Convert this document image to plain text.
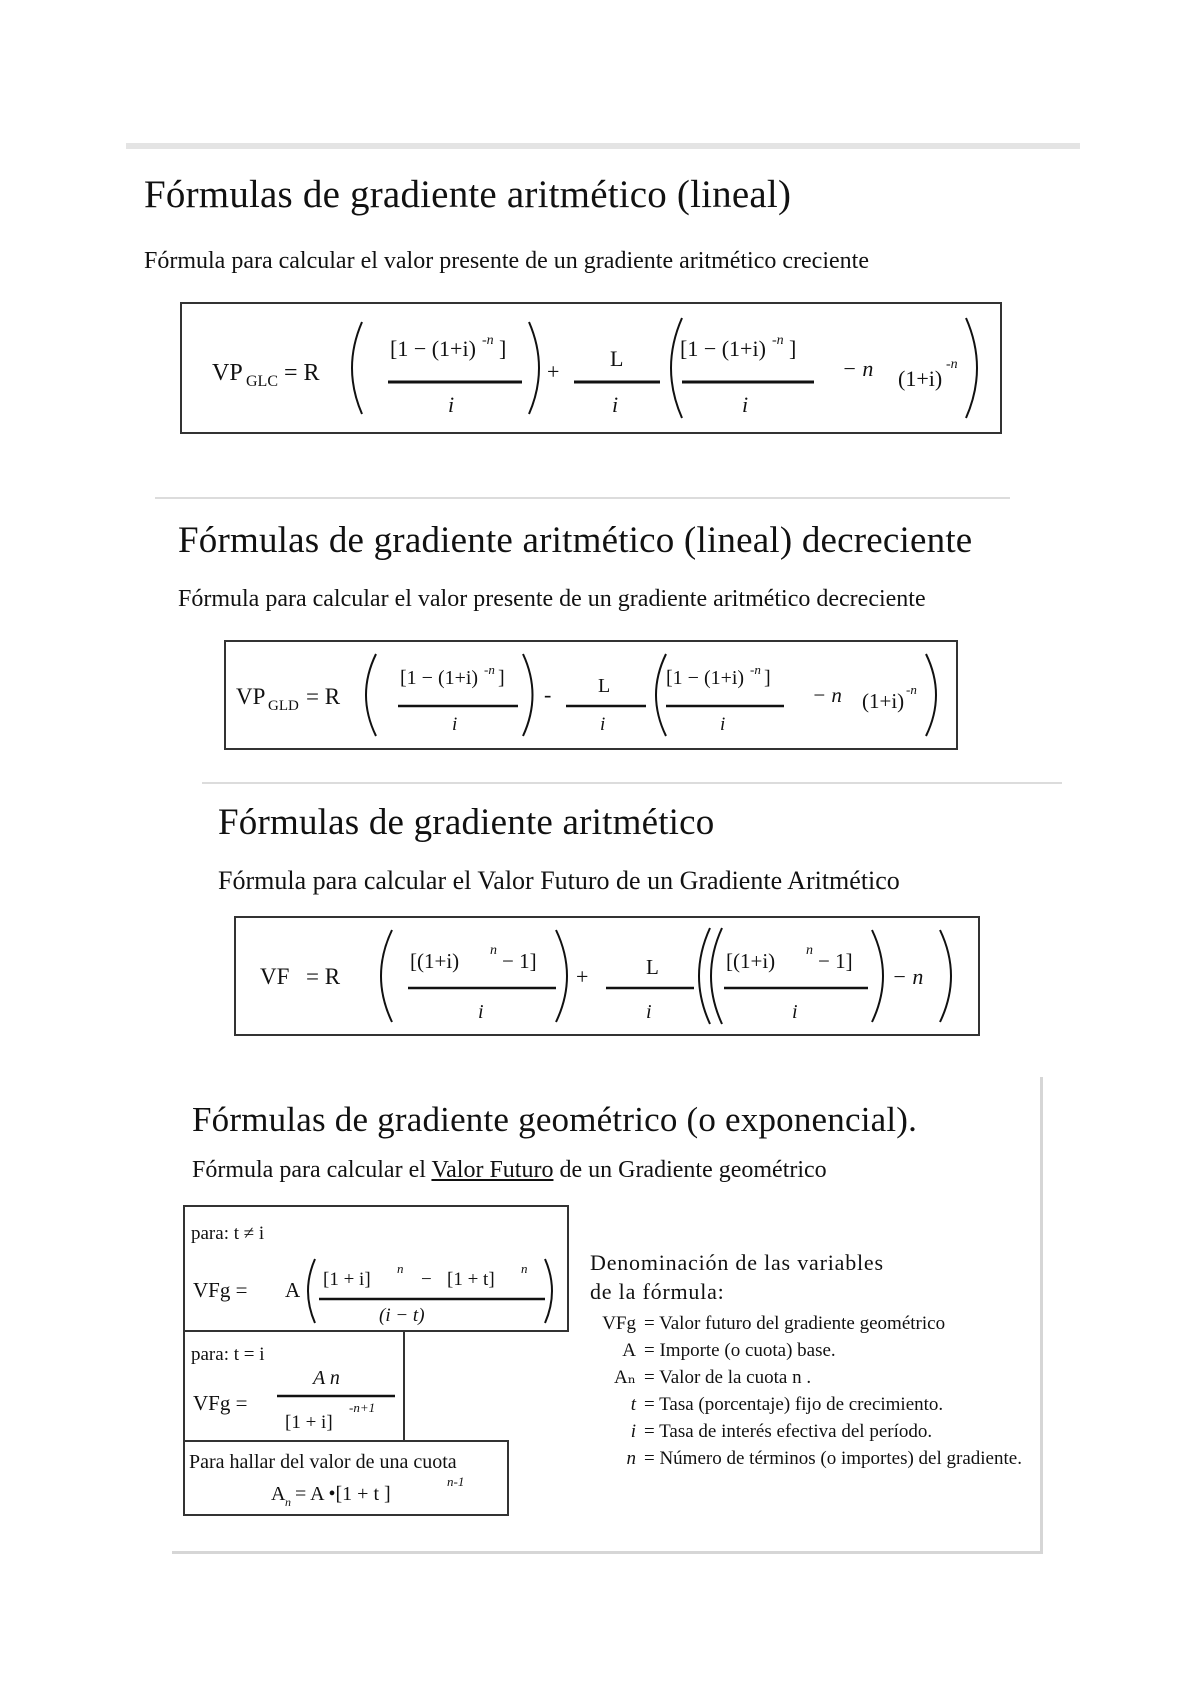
Fórmulas de gradiente aritmético (lineal)
Fórmula para calcular el valor presente de un gradiente aritmético creciente
VP GLC = R
[1 − (1+i) -n ]
i
+
L
i
[1 − (1+i) -n ]
i
− n (1+i)
-n
Fórmulas de gradiente aritmético (lineal) decreciente
Fórmula para calcular el valor presente de un gradiente aritmético decreciente
VP GLD = R
[1 − (1+i) -n ]
i
- L
i
[1 − (1+i) -n ]
i
− n (1+i) -n
Fórmulas de gradiente aritmético
Fórmula para calcular el Valor Futuro de un Gradiente Aritmético
VF = R
[(1+i) n − 1]
i
+	L
i
[(1+i) n − 1]
i
− n
Fórmulas de gradiente geométrico (o exponencial).
Fórmula para calcular el Valor Futuro de un Gradiente geométrico
para: t ≠ i
VFg = A [1 + i]
n
− [1 + t]
n
(i − t)
para: t = i
VFg =
A n
[1 + i]
-n+1
Para hallar del valor de una cuota
A n = A •[1 + t ]
n-1
Denominación de las variables
de la fórmula:
VFg = Valor futuro del gradiente geométrico
A = Importe (o cuota) base.
Aₙ = Valor de la cuota n .
t = Tasa (porcentaje) fijo de crecimiento.
i = Tasa de interés efectiva del período.
n = Número de términos (o importes) del gradiente.
